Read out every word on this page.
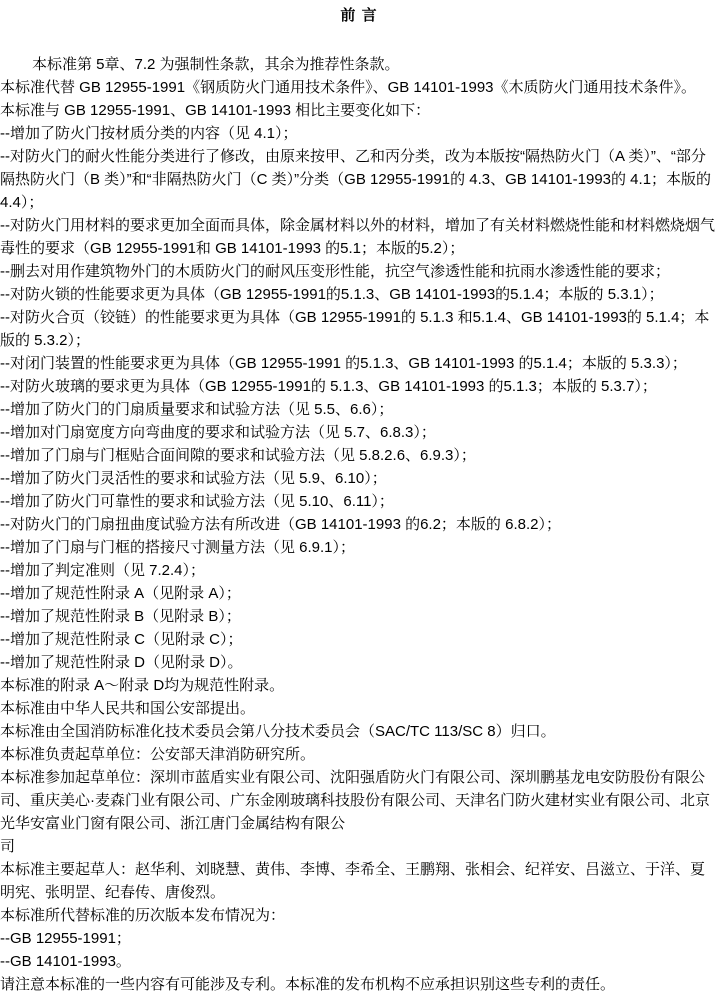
前 言
本标准第 5章、7.2 为强制性条款，其余为推荐性条款。
本标准代替 GB 12955-1991《钢质防火门通用技术条件》、GB 14101-1993《木质防火门通用技术条件》。
本标准与 GB 12955-1991、GB 14101-1993 相比主要变化如下：
--增加了防火门按材质分类的内容（见 4.1）；
--对防火门的耐火性能分类进行了修改，由原来按甲、乙和丙分类，改为本版按“隔热防火门（A 类）”、“部分隔热防火门（B 类）”和“非隔热防火门（C 类）”分类（GB 12955-1991的 4.3、GB 14101-1993的 4.1；本版的 4.4）；
--对防火门用材料的要求更加全面而具体，除金属材料以外的材料，增加了有关材料燃烧性能和材料燃烧烟气毒性的要求（GB 12955-1991和 GB 14101-1993 的5.1；本版的5.2）；
--删去对用作建筑物外门的木质防火门的耐风压变形性能，抗空气渗透性能和抗雨水渗透性能的要求；
--对防火锁的性能要求更为具体（GB 12955-1991的5.1.3、GB 14101-1993的5.1.4；本版的 5.3.1）；
--对防火合页（铰链）的性能要求更为具体（GB 12955-1991的 5.1.3 和5.1.4、GB 14101-1993的 5.1.4；本版的 5.3.2）；
--对闭门装置的性能要求更为具体（GB 12955-1991 的5.1.3、GB 14101-1993 的5.1.4；本版的 5.3.3）；
--对防火玻璃的要求更为具体（GB 12955-1991的 5.1.3、GB 14101-1993 的5.1.3；本版的 5.3.7）；
--增加了防火门的门扇质量要求和试验方法（见 5.5、6.6）；
--增加对门扇宽度方向弯曲度的要求和试验方法（见 5.7、6.8.3）；
--增加了门扇与门框贴合面间隙的要求和试验方法（见 5.8.2.6、6.9.3）；
--增加了防火门灵活性的要求和试验方法（见 5.9、6.10）；
--增加了防火门可靠性的要求和试验方法（见 5.10、6.11）；
--对防火门的门扇扭曲度试验方法有所改进（GB 14101-1993 的6.2；本版的 6.8.2）；
--增加了门扇与门框的搭接尺寸测量方法（见 6.9.1）；
--增加了判定准则（见 7.2.4）；
--增加了规范性附录 A（见附录 A）；
--增加了规范性附录 B（见附录 B）；
--增加了规范性附录 C（见附录 C）；
--增加了规范性附录 D（见附录 D）。
本标准的附录 A～附录 D均为规范性附录。
本标准由中华人民共和国公安部提出。
本标准由全国消防标准化技术委员会第八分技术委员会（SAC/TC 113/SC 8）归口。
本标准负责起草单位：公安部天津消防研究所。
本标准参加起草单位：深圳市蓝盾实业有限公司、沈阳强盾防火门有限公司、深圳鹏基龙电安防股份有限公司、重庆美心·麦森门业有限公司、广东金刚玻璃科技股份有限公司、天津名门防火建材实业有限公司、北京光华安富业门窗有限公司、浙江唐门金属结构有限公
司
本标准主要起草人：赵华利、刘晓慧、黄伟、李博、李希全、王鹏翔、张相会、纪祥安、吕滋立、于洋、夏明宪、张明罡、纪春传、唐俊烈。
本标准所代替标准的历次版本发布情况为：
--GB 12955-1991；
--GB 14101-1993。
请注意本标准的一些内容有可能涉及专利。本标准的发布机构不应承担识别这些专利的责任。
